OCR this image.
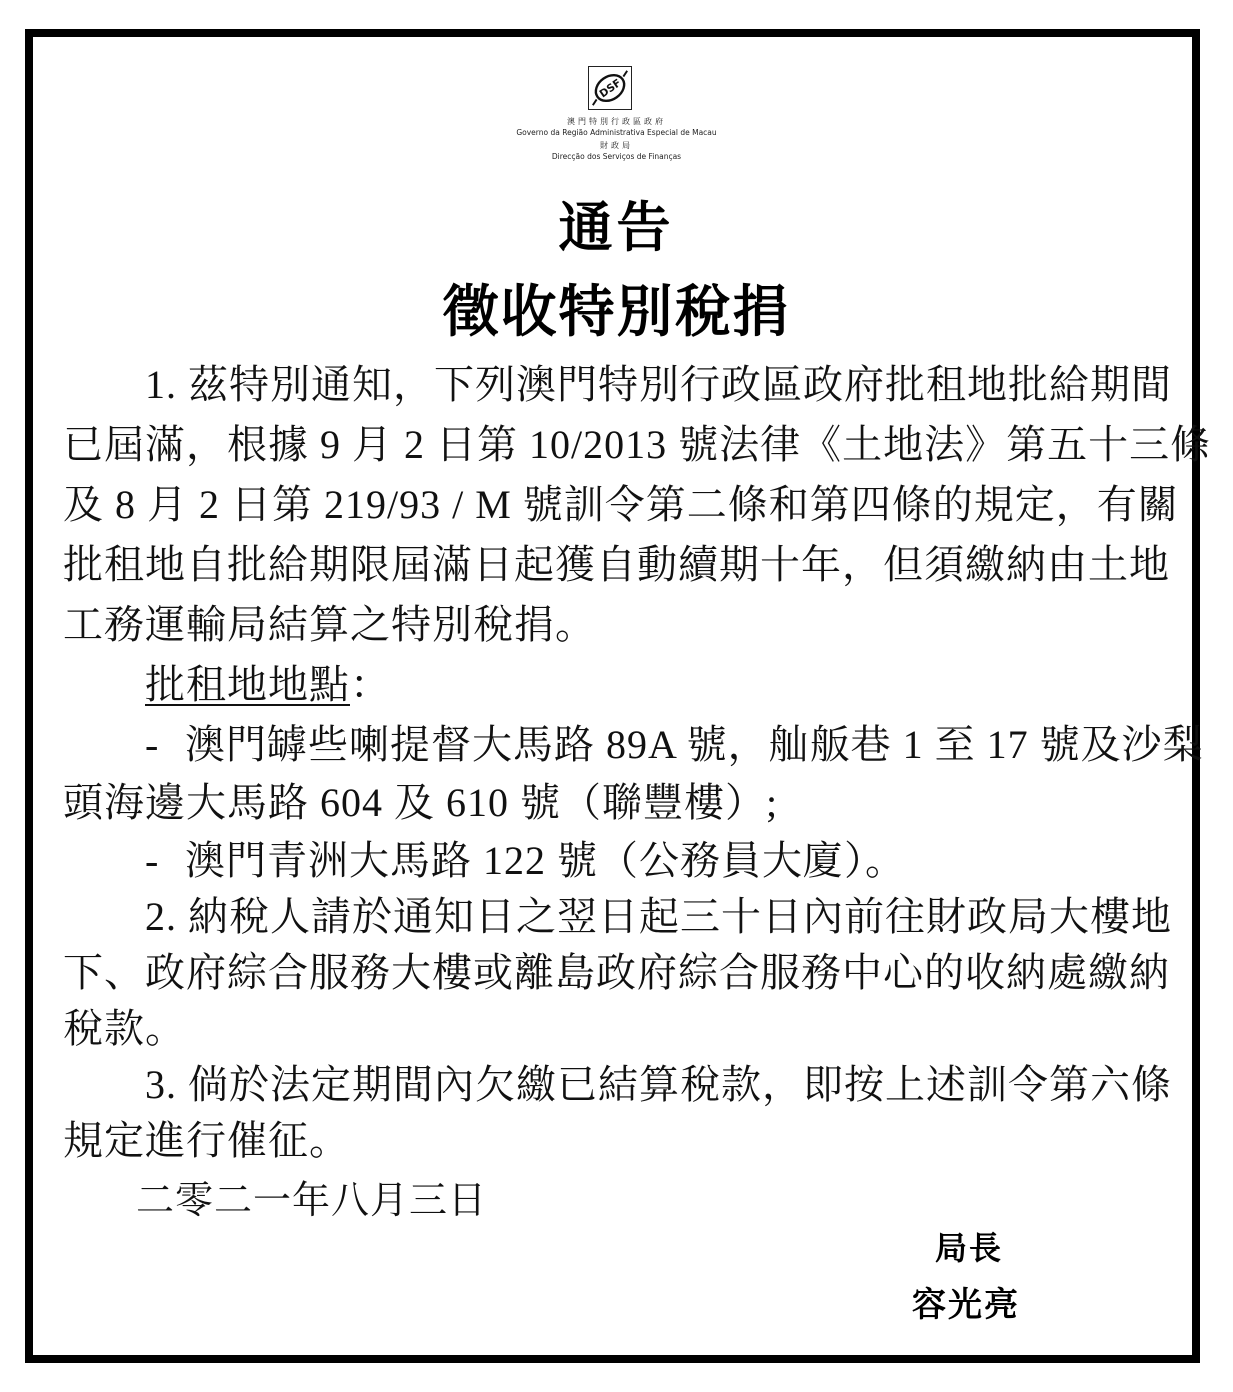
DSF
澳門特別行政區政府
Governo da Região Administrativa Especial de Macau
財政局
Direcção dos Serviços de Finanças
通告
徵收特別稅捐
1. 茲特別通知，下列澳門特別行政區政府批租地批給期間
已屆滿，根據 9 月 2 日第 10/2013 號法律《土地法》第五十三條
及 8 月 2 日第 219/93 / M 號訓令第二條和第四條的規定，有關
批租地自批給期限屆滿日起獲自動續期十年，但須繳納由土地
工務運輸局結算之特別稅捐。
批租地地點：
- 澳門罅些喇提督大馬路 89A 號，舢舨巷 1 至 17 號及沙梨
頭海邊大馬路 604 及 610 號（聯豐樓）;
- 澳門青洲大馬路 122 號（公務員大廈）。
2. 納稅人請於通知日之翌日起三十日內前往財政局大樓地
下、政府綜合服務大樓或離島政府綜合服務中心的收納處繳納
稅款。
3. 倘於法定期間內欠繳已結算稅款，即按上述訓令第六條
規定進行催征。
二零二一年八月三日
局長
容光亮
